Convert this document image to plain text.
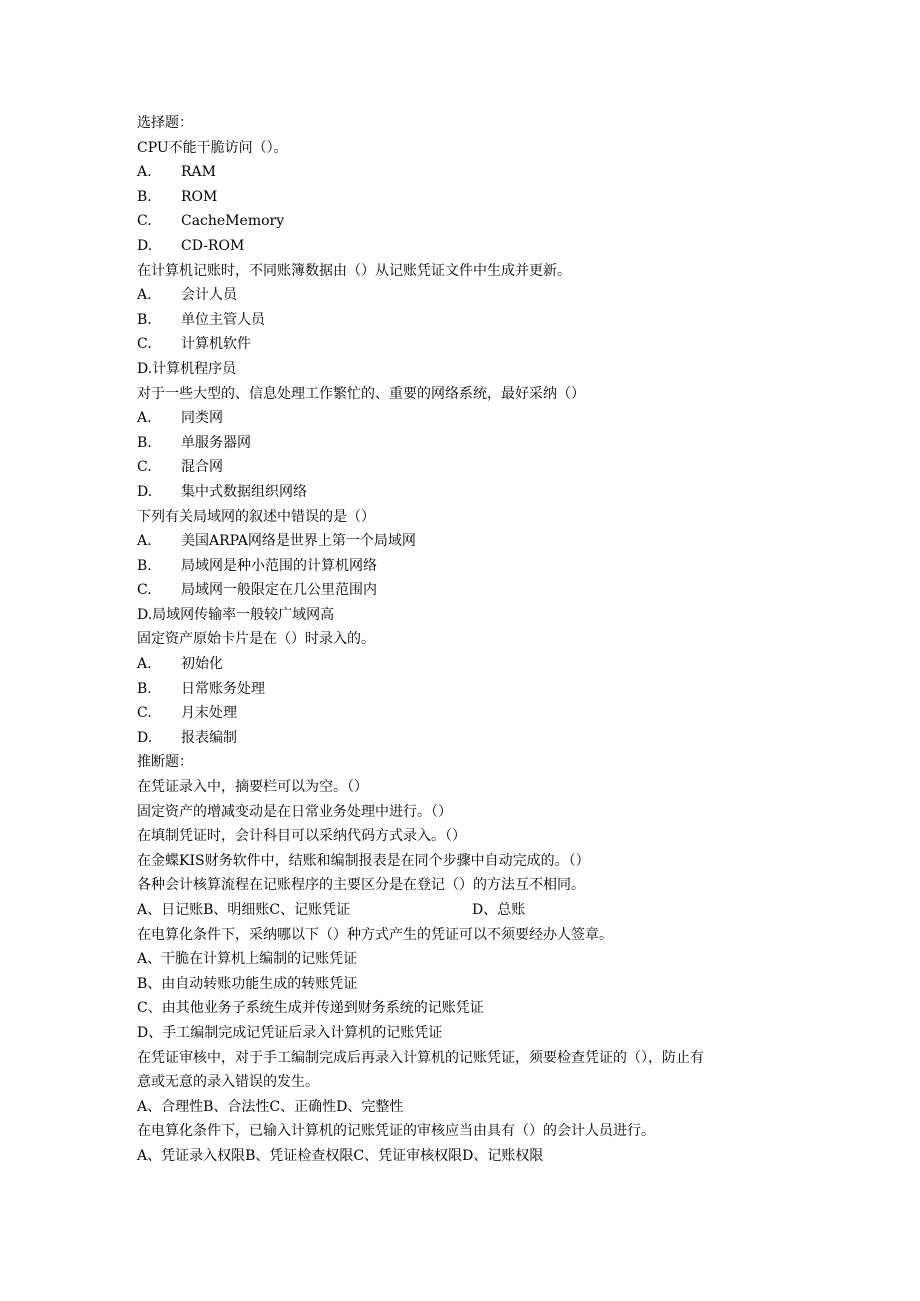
选择题：
CPU不能干脆访问（）。
A.	RAM
B.	ROM
C.	CacheMemory
D.	CD-ROM
在计算机记账时，不同账簿数据由（）从记账凭证文件中生成并更新。
A.	会计人员
B.	单位主管人员
C.	计算机软件
D.计算机程序员
对于一些大型的、信息处理工作繁忙的、重要的网络系统，最好采纳（）
A.	同类网
B.	单服务器网
C.	混合网
D.	集中式数据组织网络
下列有关局域网的叙述中错误的是（）
A.	美国ARPA网络是世界上第一个局域网
B.	局域网是种小范围的计算机网络
C.	局域网一般限定在几公里范围内
D.局域网传输率一般较广域网高
固定资产原始卡片是在（）时录入的。
A.	初始化
B.	日常账务处理
C.	月末处理
D.	报表编制
推断题：
在凭证录入中，摘要栏可以为空。（）
固定资产的增减变动是在日常业务处理中进行。（）
在填制凭证时，会计科目可以采纳代码方式录入。（）
在金蝶KIS财务软件中，结账和编制报表是在同个步骤中自动完成的。（）
各种会计核算流程在记账程序的主要区分是在登记（）的方法互不相同。
A、日记账B、明细账C、记账凭证	D、总账
在电算化条件下，采纳哪以下（）种方式产生的凭证可以不须要经办人签章。
A、干脆在计算机上编制的记账凭证
B、由自动转账功能生成的转账凭证
C、由其他业务子系统生成并传递到财务系统的记账凭证
D、手工编制完成记凭证后录入计算机的记账凭证
在凭证审核中，对于手工编制完成后再录入计算机的记账凭证，须要检查凭证的（），防止有
意或无意的录入错误的发生。
A、合理性B、合法性C、正确性D、完整性
在电算化条件下，已输入计算机的记账凭证的审核应当由具有（）的会计人员进行。
A、凭证录入权限B、凭证检查权限C、凭证审核权限D、记账权限
